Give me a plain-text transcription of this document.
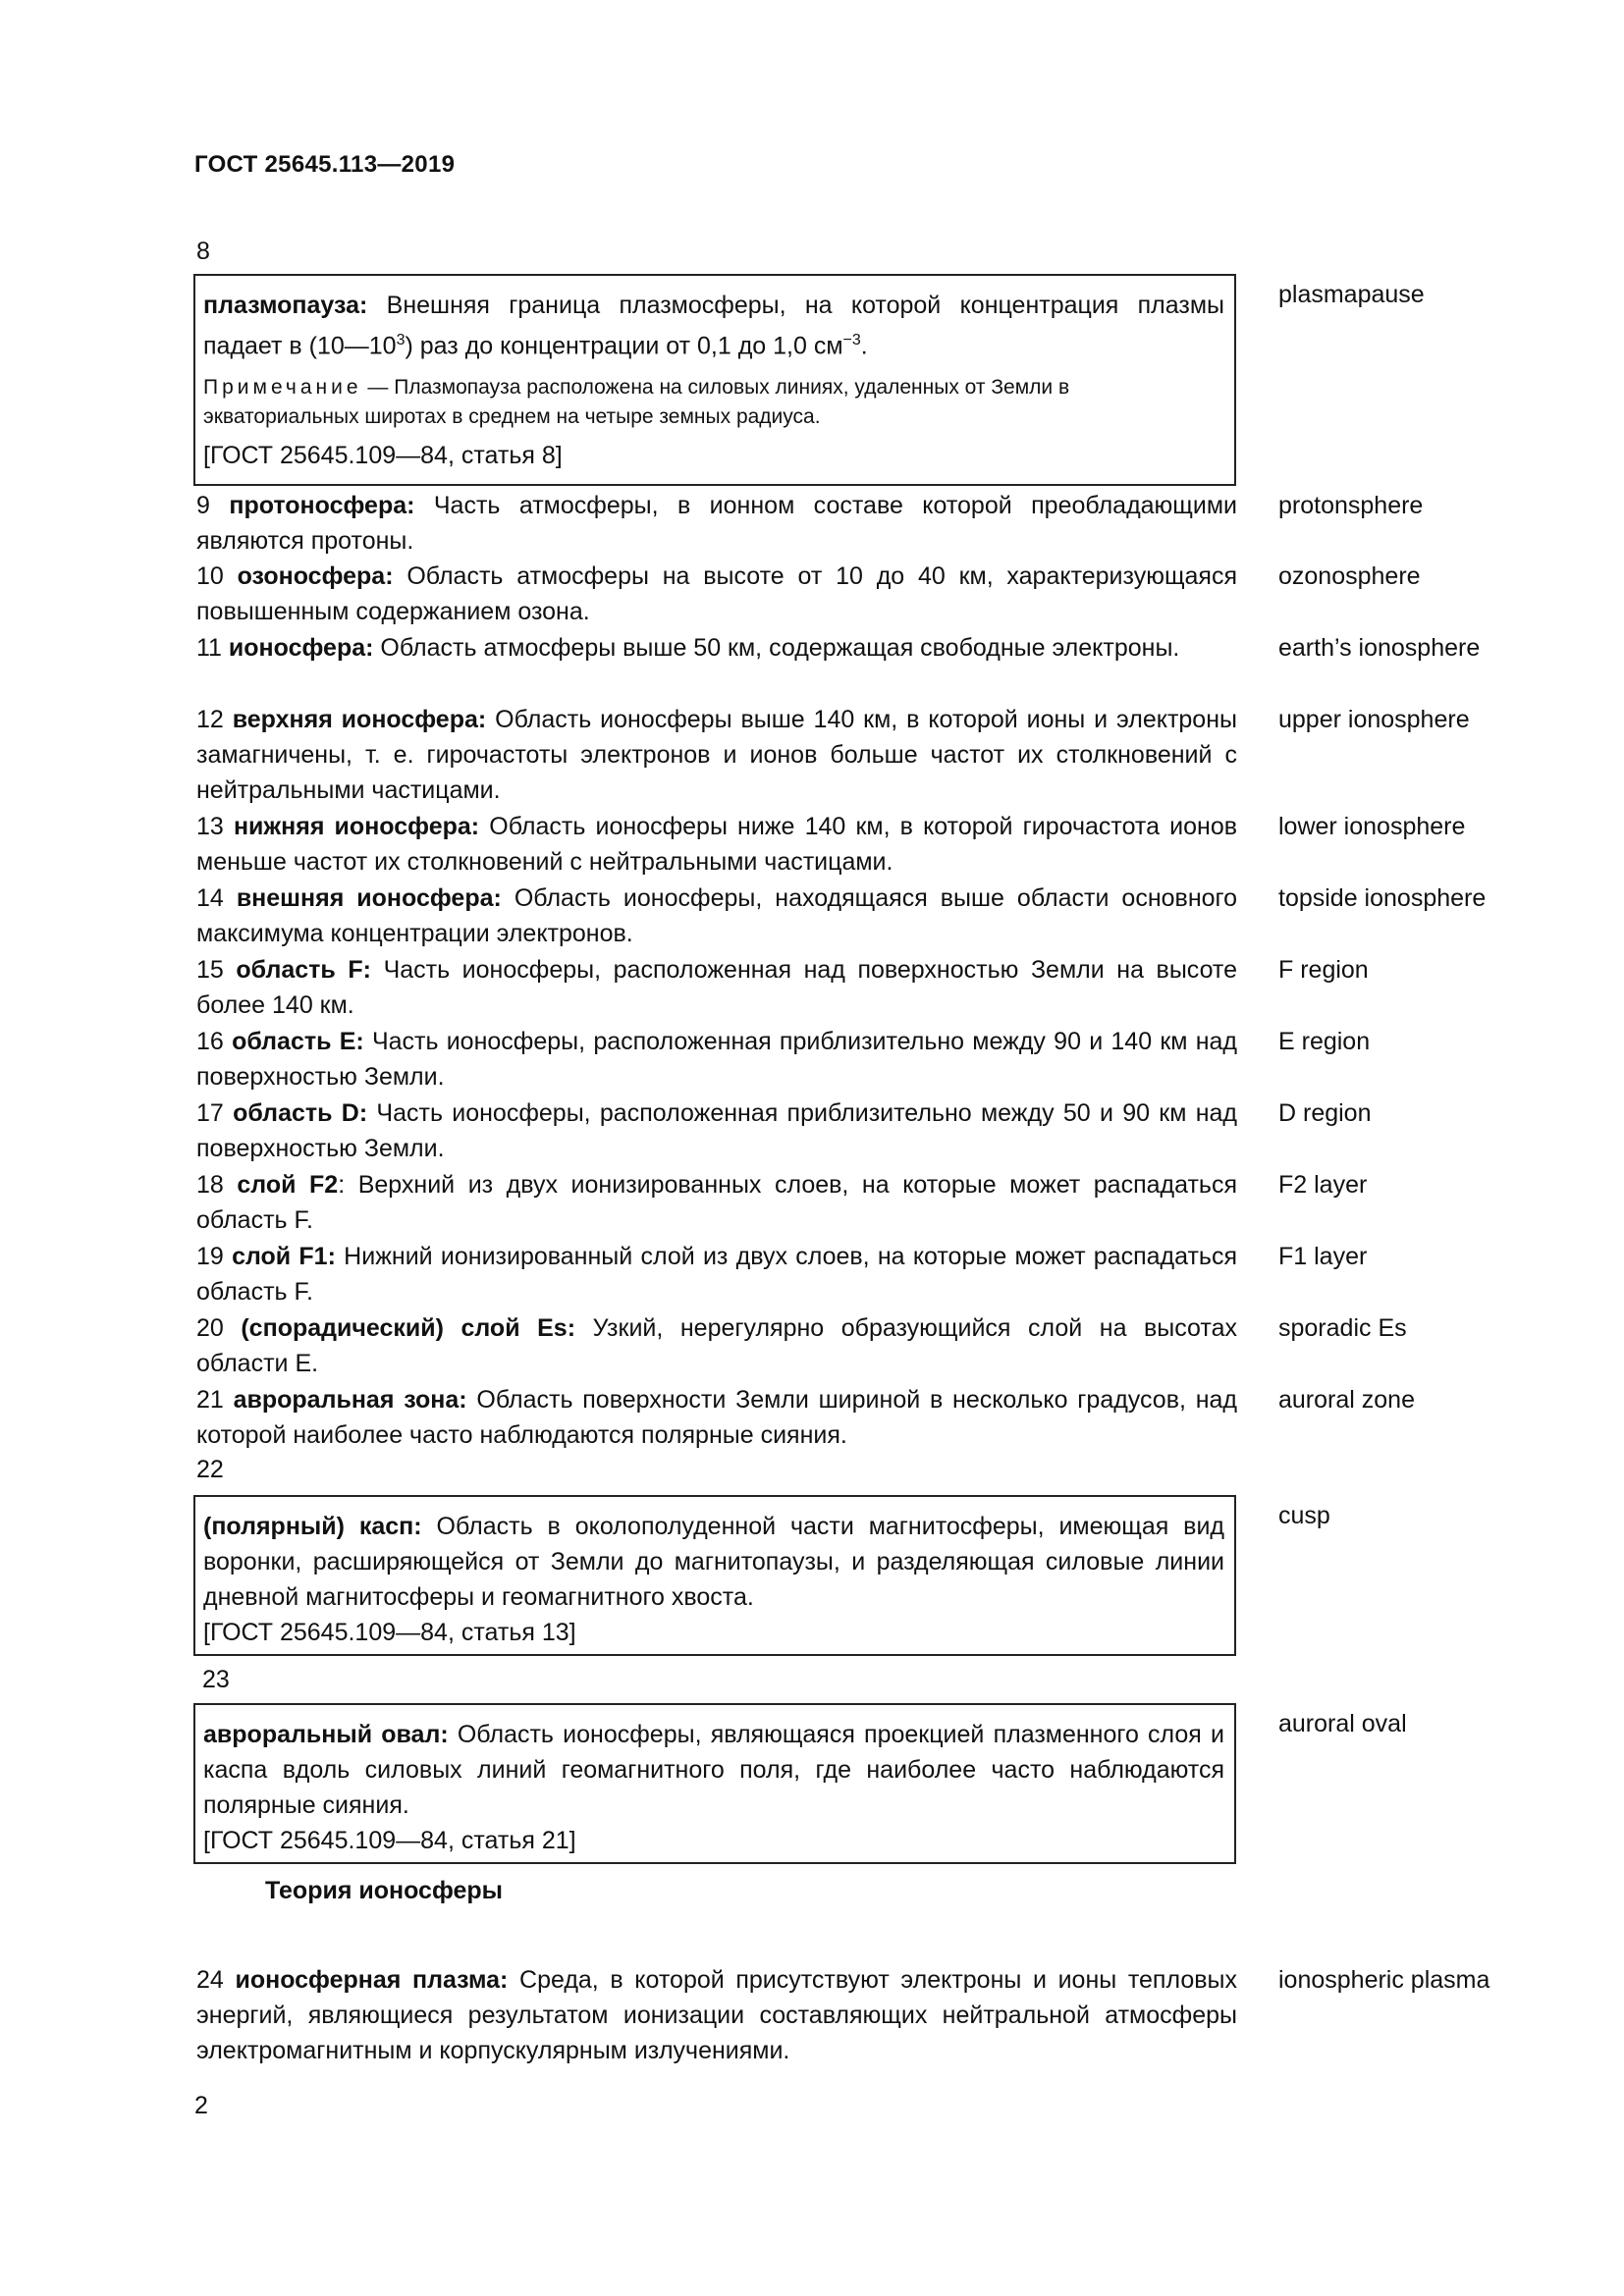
ГОСТ 25645.113—2019
8
плазмопауза: Внешняя граница плазмосферы, на которой концентрация плазмы падает в $(10—10^3)$ раз до концентрации от 0,1 до 1,0 $см^{-3}$.
Примечание — Плазмопауза расположена на силовых линиях, удаленных от Земли в экваториальных широтах в среднем на четыре земных радиуса.
[ГОСТ 25645.109—84, статья 8]
plasmapause
9 протоносфера: Часть атмосферы, в ионном составе которой преобладающими являются протоны.
protonsphere
10 озоносфера: Область атмосферы на высоте от 10 до 40 км, характеризующаяся повышенным содержанием озона.
ozonosphere
11 ионосфера: Область атмосферы выше 50 км, содержащая свободные электроны.	earth’s ionosphere
12 верхняя ионосфера: Область ионосферы выше 140 км, в которой ионы и электроны замагничены, т. е. гирочастоты электронов и ионов больше частот их столкновений с нейтральными частицами.
upper ionosphere
13 нижняя ионосфера: Область ионосферы ниже 140 км, в которой гирочастота ионов меньше частот их столкновений с нейтральными частицами.
lower ionosphere
14 внешняя ионосфера: Область ионосферы, находящаяся выше области основного максимума концентрации электронов.
topside ionosphere
15 область F: Часть ионосферы, расположенная над поверхностью Земли на высоте более 140 км.
F region
16 область E: Часть ионосферы, расположенная приблизительно между 90 и 140 км над поверхностью Земли.
E region
17 область D: Часть ионосферы, расположенная приблизительно между 50 и 90 км над поверхностью Земли.
D region
18 слой F2: Верхний из двух ионизированных слоев, на которые может распадаться область F.
F2 layer
19 слой F1: Нижний ионизированный слой из двух слоев, на которые может распадаться область F.
F1 layer
20 (спорадический) слой Es: Узкий, нерегулярно образующийся слой на высотах области E.
sporadic Es
21 авроральная зона: Область поверхности Земли шириной в несколько градусов, над которой наиболее часто наблюдаются полярные сияния.
auroral zone
22
(полярный) касп: Область в околополуденной части магнитосферы, имеющая вид воронки, расширяющейся от Земли до магнитопаузы, и разделяющая силовые линии дневной магнитосферы и геомагнитного хвоста.
[ГОСТ 25645.109—84, статья 13]
cusp
23
авроральный овал: Область ионосферы, являющаяся проекцией плазменного слоя и каспа вдоль силовых линий геомагнитного поля, где наиболее часто наблюдаются полярные сияния.
[ГОСТ 25645.109—84, статья 21]
auroral oval
Теория ионосферы
24 ионосферная плазма: Среда, в которой присутствуют электроны и ионы тепловых энергий, являющиеся результатом ионизации составляющих нейтральной атмосферы электромагнитным и корпускулярным излучениями.
ionospheric plasma
2
